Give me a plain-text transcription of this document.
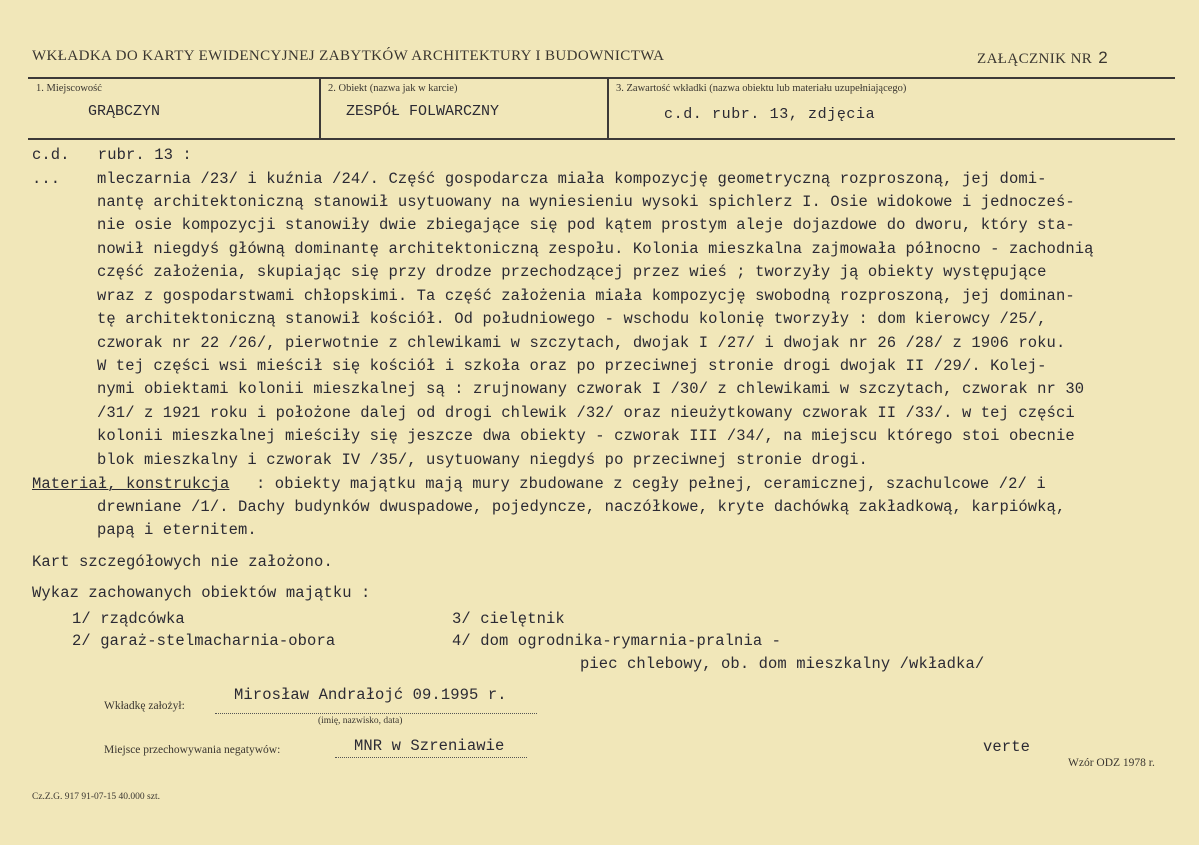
WKŁADKA DO KARTY EWIDENCYJNEJ ZABYTKÓW ARCHITEKTURY I BUDOWNICTWA	ZAŁĄCZNIK NR 2
1. Miejscowość
GRĄBCZYN
2. Obiekt (nazwa jak w karcie)
ZESPÓŁ FOLWARCZNY
3. Zawartość wkładki (nazwa obiektu lub materiału uzupełniającego)
c.d. rubr. 13, zdjęcia
c.d.   rubr. 13 :
... mleczarnia /23/ i kuźnia /24/. Część gospodarcza miała kompozycję geometryczną rozproszoną, jej domi-
nantę architektoniczną stanowił usytuowany na wyniesieniu wysoki spichlerz I. Osie widokowe i jednocześ-
nie osie kompozycji stanowiły dwie zbiegające się pod kątem prostym aleje dojazdowe do dworu, który sta-
nowił niegdyś główną dominantę architektoniczną zespołu. Kolonia mieszkalna zajmowała północno - zachodnią
część założenia, skupiając się przy drodze przechodzącej przez wieś ; tworzyły ją obiekty występujące
wraz z gospodarstwami chłopskimi. Ta część założenia miała kompozycję swobodną rozproszoną, jej dominan-
tę architektoniczną stanowił kościół. Od południowego - wschodu kolonię tworzyły : dom kierowcy /25/,
czworak nr 22 /26/, pierwotnie z chlewikami w szczytach, dwojak I /27/ i dwojak nr 26 /28/ z 1906 roku.
W tej części wsi mieścił się kościół i szkoła oraz po przeciwnej stronie drogi dwojak II /29/. Kolej-
nymi obiektami kolonii mieszkalnej są : zrujnowany czworak I /30/ z chlewikami w szczytach, czworak nr 30
/31/ z 1921 roku i położone dalej od drogi chlewik /32/ oraz nieużytkowany czworak II /33/. w tej części
kolonii mieszkalnej mieściły się jeszcze dwa obiekty - czworak III /34/, na miejscu którego stoi obecnie
blok mieszkalny i czworak IV /35/, usytuowany niegdyś po przeciwnej stronie drogi.
Materiał, konstrukcja : obiekty majątku mają mury zbudowane z cegły pełnej, ceramicznej, szachulcowe /2/ i
drewniane /1/. Dachy budynków dwuspadowe, pojedyncze, naczółkowe, kryte dachówką zakładkową, karpiówką,
papą i eternitem.
Kart szczegółowych nie założono.
Wykaz zachowanych obiektów majątku :
1/ rządcówka
2/ garaż-stelmacharnia-obora
3/ cielętnik
4/ dom ogrodnika-rymarnia-pralnia -
piec chlebowy, ob. dom mieszkalny /wkładka/
Wkładkę założył:
Mirosław Andrałojć 09.1995 r.
(imię, nazwisko, data)
Miejsce przechowywania negatywów:	MNR w Szreniawie	verte
Wzór ODZ 1978 r.
Cz.Z.G. 917 91-07-15 40.000 szt.
